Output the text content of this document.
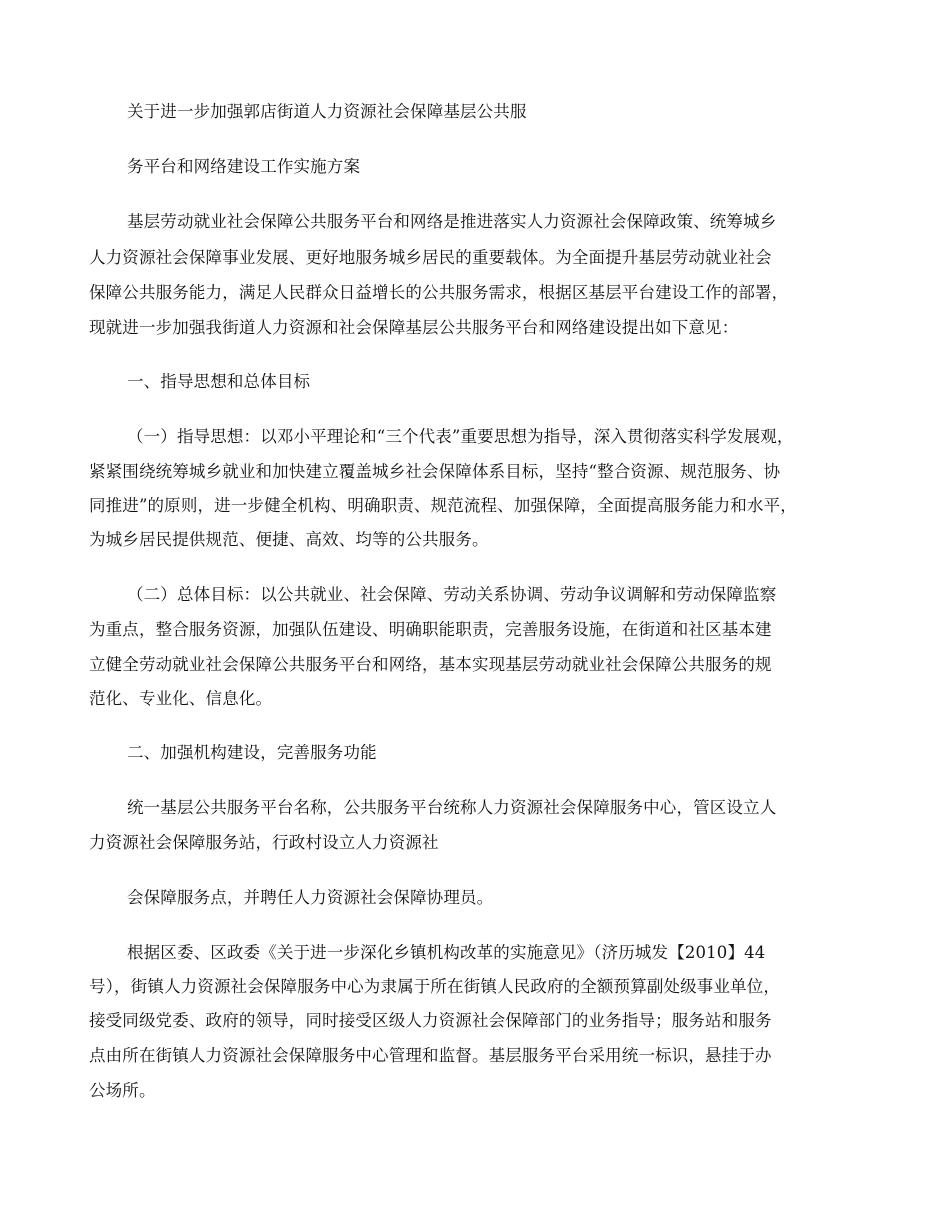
关于进一步加强郭店街道人力资源社会保障基层公共服
务平台和网络建设工作实施方案
基层劳动就业社会保障公共服务平台和网络是推进落实人力资源社会保障政策、统筹城乡
人力资源社会保障事业发展、更好地服务城乡居民的重要载体。为全面提升基层劳动就业社会
保障公共服务能力，满足人民群众日益增长的公共服务需求，根据区基层平台建设工作的部署，
现就进一步加强我街道人力资源和社会保障基层公共服务平台和网络建设提出如下意见：
一、指导思想和总体目标
（一）指导思想：以邓小平理论和“三个代表”重要思想为指导，深入贯彻落实科学发展观，
紧紧围绕统筹城乡就业和加快建立覆盖城乡社会保障体系目标，坚持“整合资源、规范服务、协
同推进”的原则，进一步健全机构、明确职责、规范流程、加强保障，全面提高服务能力和水平，
为城乡居民提供规范、便捷、高效、均等的公共服务。
（二）总体目标：以公共就业、社会保障、劳动关系协调、劳动争议调解和劳动保障监察
为重点，整合服务资源，加强队伍建设、明确职能职责，完善服务设施，在街道和社区基本建
立健全劳动就业社会保障公共服务平台和网络，基本实现基层劳动就业社会保障公共服务的规
范化、专业化、信息化。
二、加强机构建设，完善服务功能
统一基层公共服务平台名称，公共服务平台统称人力资源社会保障服务中心，管区设立人
力资源社会保障服务站，行政村设立人力资源社
会保障服务点，并聘任人力资源社会保障协理员。
根据区委、区政委《关于进一步深化乡镇机构改革的实施意见》（济历城发【2010】44
号），街镇人力资源社会保障服务中心为隶属于所在街镇人民政府的全额预算副处级事业单位，
接受同级党委、政府的领导，同时接受区级人力资源社会保障部门的业务指导；服务站和服务
点由所在街镇人力资源社会保障服务中心管理和监督。基层服务平台采用统一标识，悬挂于办
公场所。
